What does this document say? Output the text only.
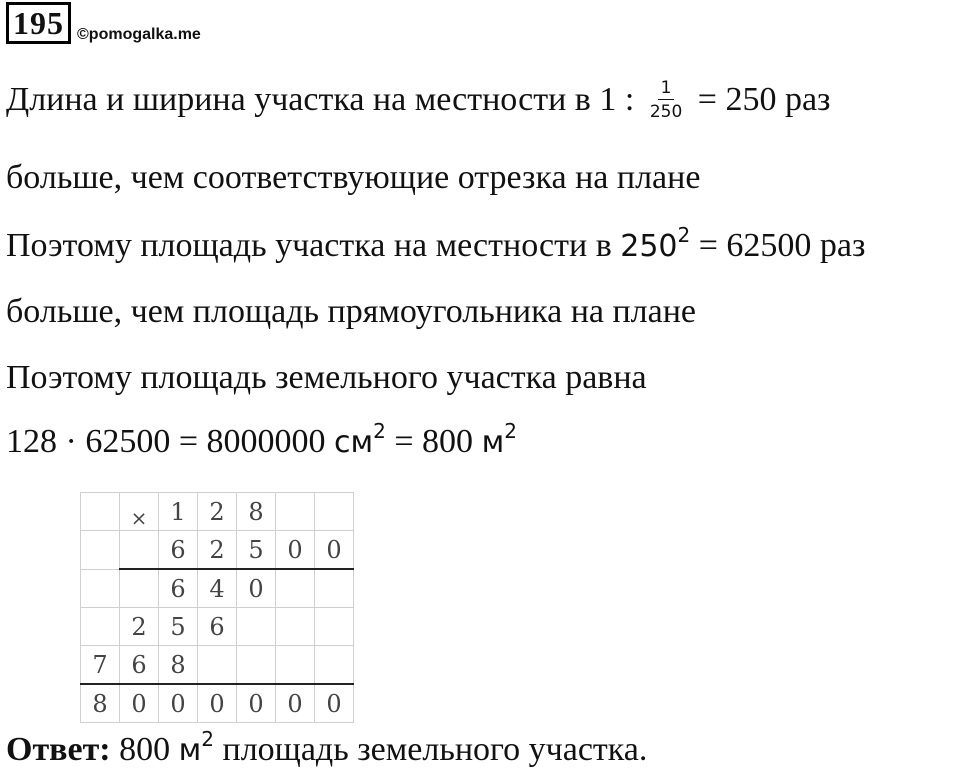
195 ©pomogalka.me
Длина и ширина участка на местности в 1 : $\frac{1}{250} = 250$ раз
больше, чем соответствующие отрезка на плане
Поэтому площадь участка на местности в $250^2 = 62500$ раз
больше, чем площадь прямоугольника на плане
Поэтому площадь земельного участка равна
128 · 62500 = 8000000 $см^2 = 800$ $м^2$
	×	1	2	8		
		6	2	5	0	0
		6	4	0		
	2	5	6			
7	6	8				
8	0	0	0	0	0	0
Ответ: 800 $м^2$ площадь земельного участка.
